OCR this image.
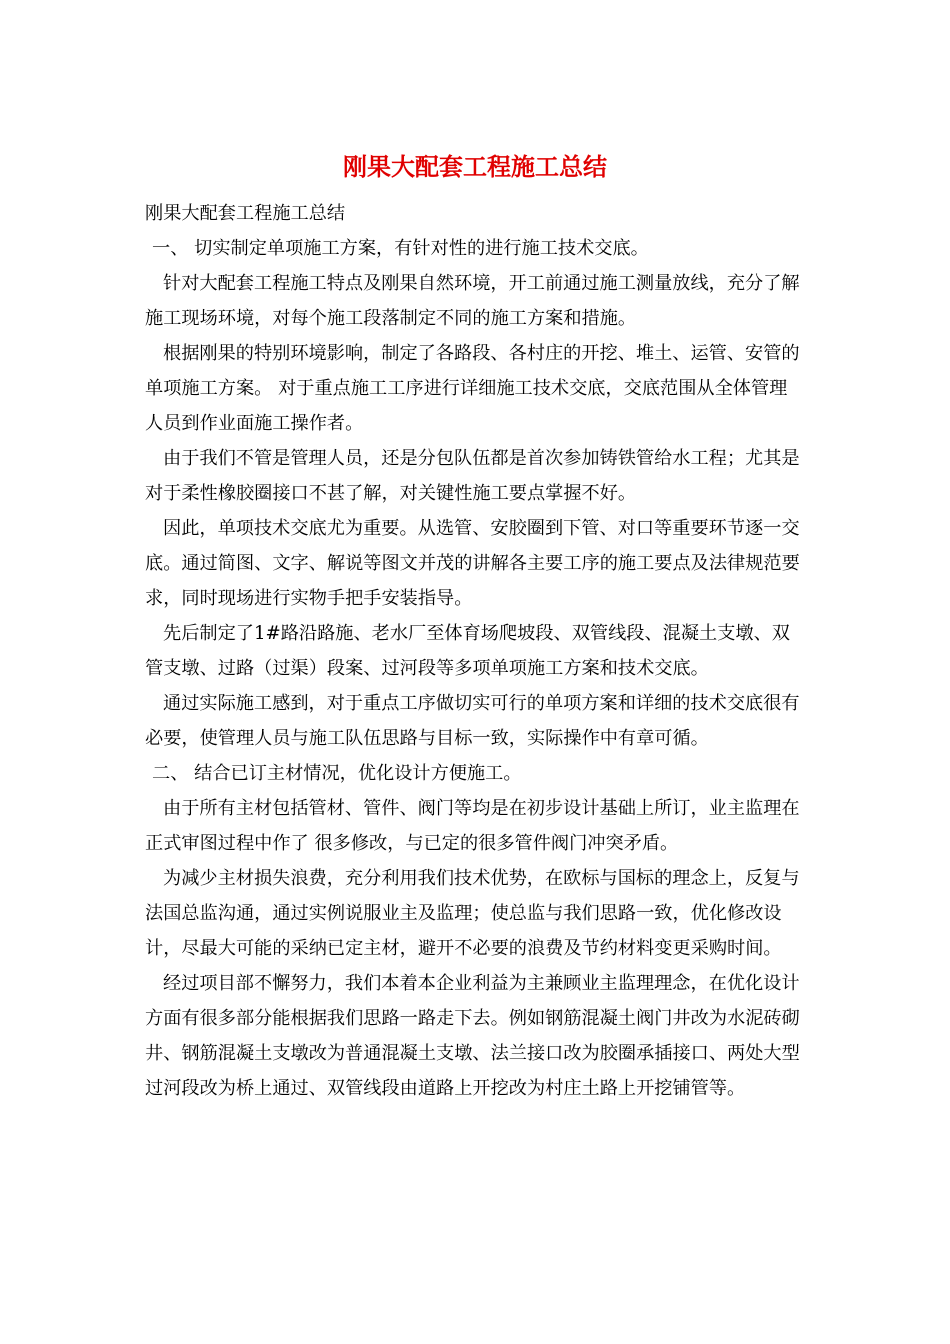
刚果大配套工程施工总结

刚果大配套工程施工总结

一、 切实制定单项施工方案，有针对性的进行施工技术交底。

针对大配套工程施工特点及刚果自然环境，开工前通过施工测量放线，充分了解施工现场环境，对每个施工段落制定不同的施工方案和措施。

根据刚果的特别环境影响，制定了各路段、各村庄的开挖、堆土、运管、安管的单项施工方案。 对于重点施工工序进行详细施工技术交底，交底范围从全体管理人员到作业面施工操作者。

由于我们不管是管理人员，还是分包队伍都是首次参加铸铁管给水工程；尤其是对于柔性橡胶圈接口不甚了解，对关键性施工要点掌握不好。

因此，单项技术交底尤为重要。从选管、安胶圈到下管、对口等重要环节逐一交底。通过简图、文字、解说等图文并茂的讲解各主要工序的施工要点及法律规范要求，同时现场进行实物手把手安装指导。

先后制定了1#路沿路施、老水厂至体育场爬坡段、双管线段、混凝土支墩、双管支墩、过路（过渠）段案、过河段等多项单项施工方案和技术交底。

通过实际施工感到，对于重点工序做切实可行的单项方案和详细的技术交底很有必要，使管理人员与施工队伍思路与目标一致，实际操作中有章可循。

二、 结合已订主材情况，优化设计方便施工。

由于所有主材包括管材、管件、阀门等均是在初步设计基础上所订，业主监理在正式审图过程中作了 很多修改，与已定的很多管件阀门冲突矛盾。

为减少主材损失浪费，充分利用我们技术优势，在欧标与国标的理念上，反复与法国总监沟通，通过实例说服业主及监理；使总监与我们思路一致，优化修改设计，尽最大可能的采纳已定主材，避开不必要的浪费及节约材料变更采购时间。

经过项目部不懈努力，我们本着本企业利益为主兼顾业主监理理念，在优化设计方面有很多部分能根据我们思路一路走下去。例如钢筋混凝土阀门井改为水泥砖砌井、钢筋混凝土支墩改为普通混凝土支墩、法兰接口改为胶圈承插接口、两处大型过河段改为桥上通过、双管线段由道路上开挖改为村庄土路上开挖铺管等。
